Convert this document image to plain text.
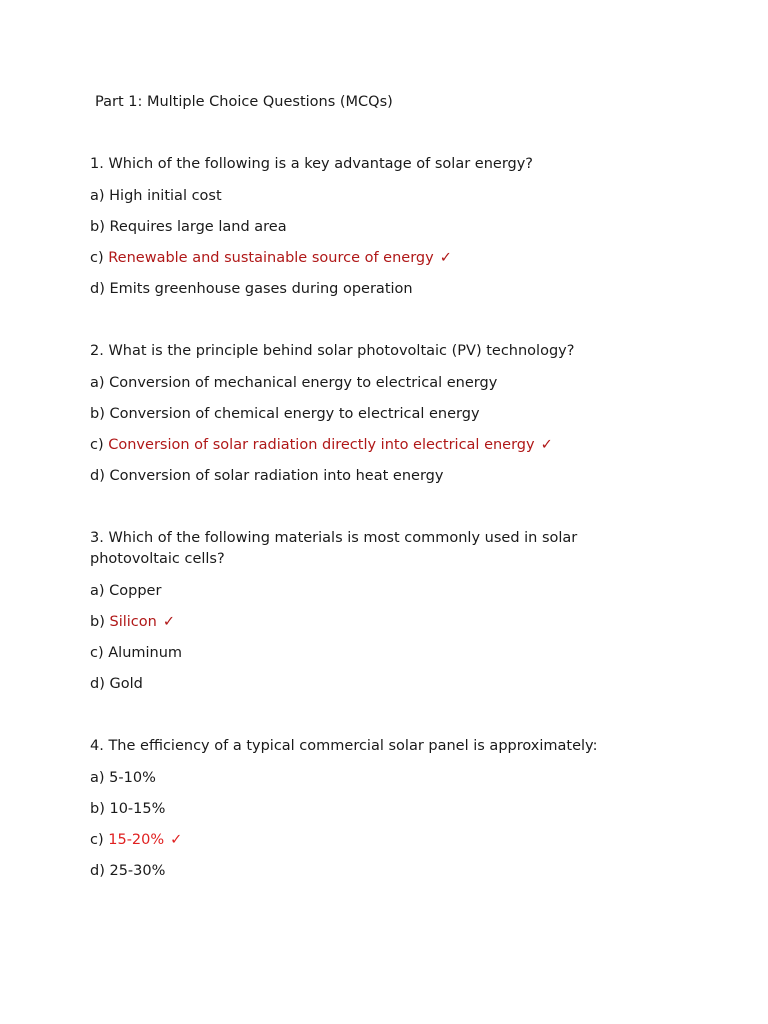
Part 1: Multiple Choice Questions (MCQs)

1. Which of the following is a key advantage of solar energy?

a) High initial cost

b) Requires large land area

c) Renewable and sustainable source of energy ✓

d) Emits greenhouse gases during operation

2. What is the principle behind solar photovoltaic (PV) technology?

a) Conversion of mechanical energy to electrical energy

b) Conversion of chemical energy to electrical energy

c) Conversion of solar radiation directly into electrical energy ✓

d) Conversion of solar radiation into heat energy

3. Which of the following materials is most commonly used in solar photovoltaic cells?

a) Copper

b) Silicon ✓

c) Aluminum

d) Gold

4. The efficiency of a typical commercial solar panel is approximately:

a) 5-10%

b) 10-15%

c) 15-20% ✓

d) 25-30%
